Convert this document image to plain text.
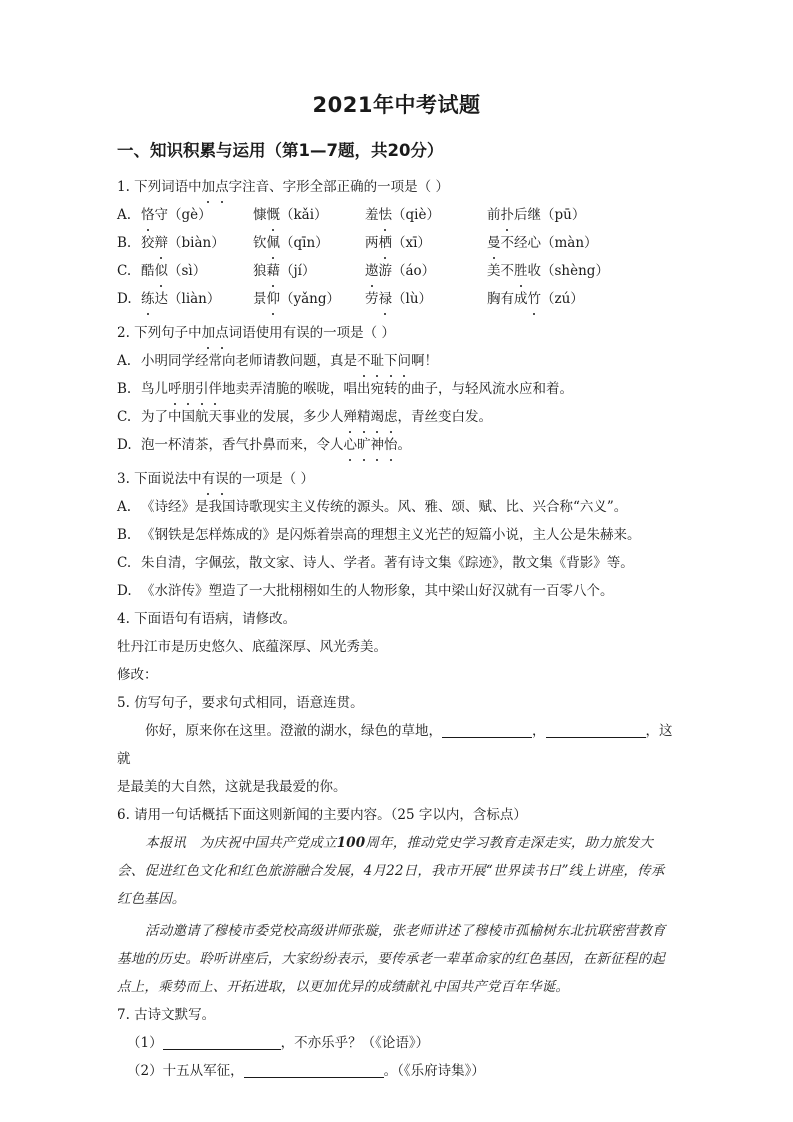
2021年中考试题
一、知识积累与运用（第1—7题，共20分）
1. 下列词语中加点字注音、字形全部正确的一项是（ ）
A.	恪守（gè）	慷慨（kǎi）	羞怯（qiè）	前扑后继（pū）
B.	狡辩（biàn）	钦佩（qīn）	两栖（xī）	曼不经心（màn）
C.	酷似（sì）	狼藉（jí）	遨游（áo）	美不胜收（shèng）
D.	练达（liàn）	景仰（yǎng）	劳禄（lù）	胸有成竹（zú）
2. 下列句子中加点词语使用有误的一项是（ ）
A. 小明同学经常向老师请教问题，真是不耻下问啊！
B. 鸟儿呼朋引伴地卖弄清脆的喉咙，唱出宛转的曲子，与轻风流水应和着。
C. 为了中国航天事业的发展，多少人殚精竭虑，青丝变白发。
D. 泡一杯清茶，香气扑鼻而来，令人心旷神怡。
3. 下面说法中有误的一项是（ ）
A. 《诗经》是我国诗歌现实主义传统的源头。风、雅、颂、赋、比、兴合称“六义”。
B. 《钢铁是怎样炼成的》是闪烁着崇高的理想主义光芒的短篇小说，主人公是朱赫来。
C. 朱自清，字佩弦，散文家、诗人、学者。著有诗文集《踪迹》，散文集《背影》等。
D. 《水浒传》塑造了一大批栩栩如生的人物形象，其中梁山好汉就有一百零八个。
4. 下面语句有语病，请修改。
牡丹江市是历史悠久、底蕴深厚、风光秀美。
修改：
5. 仿写句子，要求句式相同，语意连贯。
你好，原来你在这里。澄澈的湖水，绿色的草地，	，	，这就
是最美的大自然，这就是我最爱的你。
6. 请用一句话概括下面这则新闻的主要内容。（25 字以内，含标点）
本报讯 为庆祝中国共产党成立100周年，推动党史学习教育走深走实，助力旅发大会、促进红色文化和红色旅游融合发展，4月22日，我市开展“世界读书日”线上讲座，传承红色基因。
活动邀请了穆棱市委党校高级讲师张璇，张老师讲述了穆棱市孤榆树东北抗联密营教育基地的历史。聆听讲座后，大家纷纷表示，要传承老一辈革命家的红色基因，在新征程的起点上，乘势而上、开拓进取，以更加优异的成绩献礼中国共产党百年华诞。
7. 古诗文默写。
（1）	，不亦乐乎？（《论语》）
（2）十五从军征，	。（《乐府诗集》）
